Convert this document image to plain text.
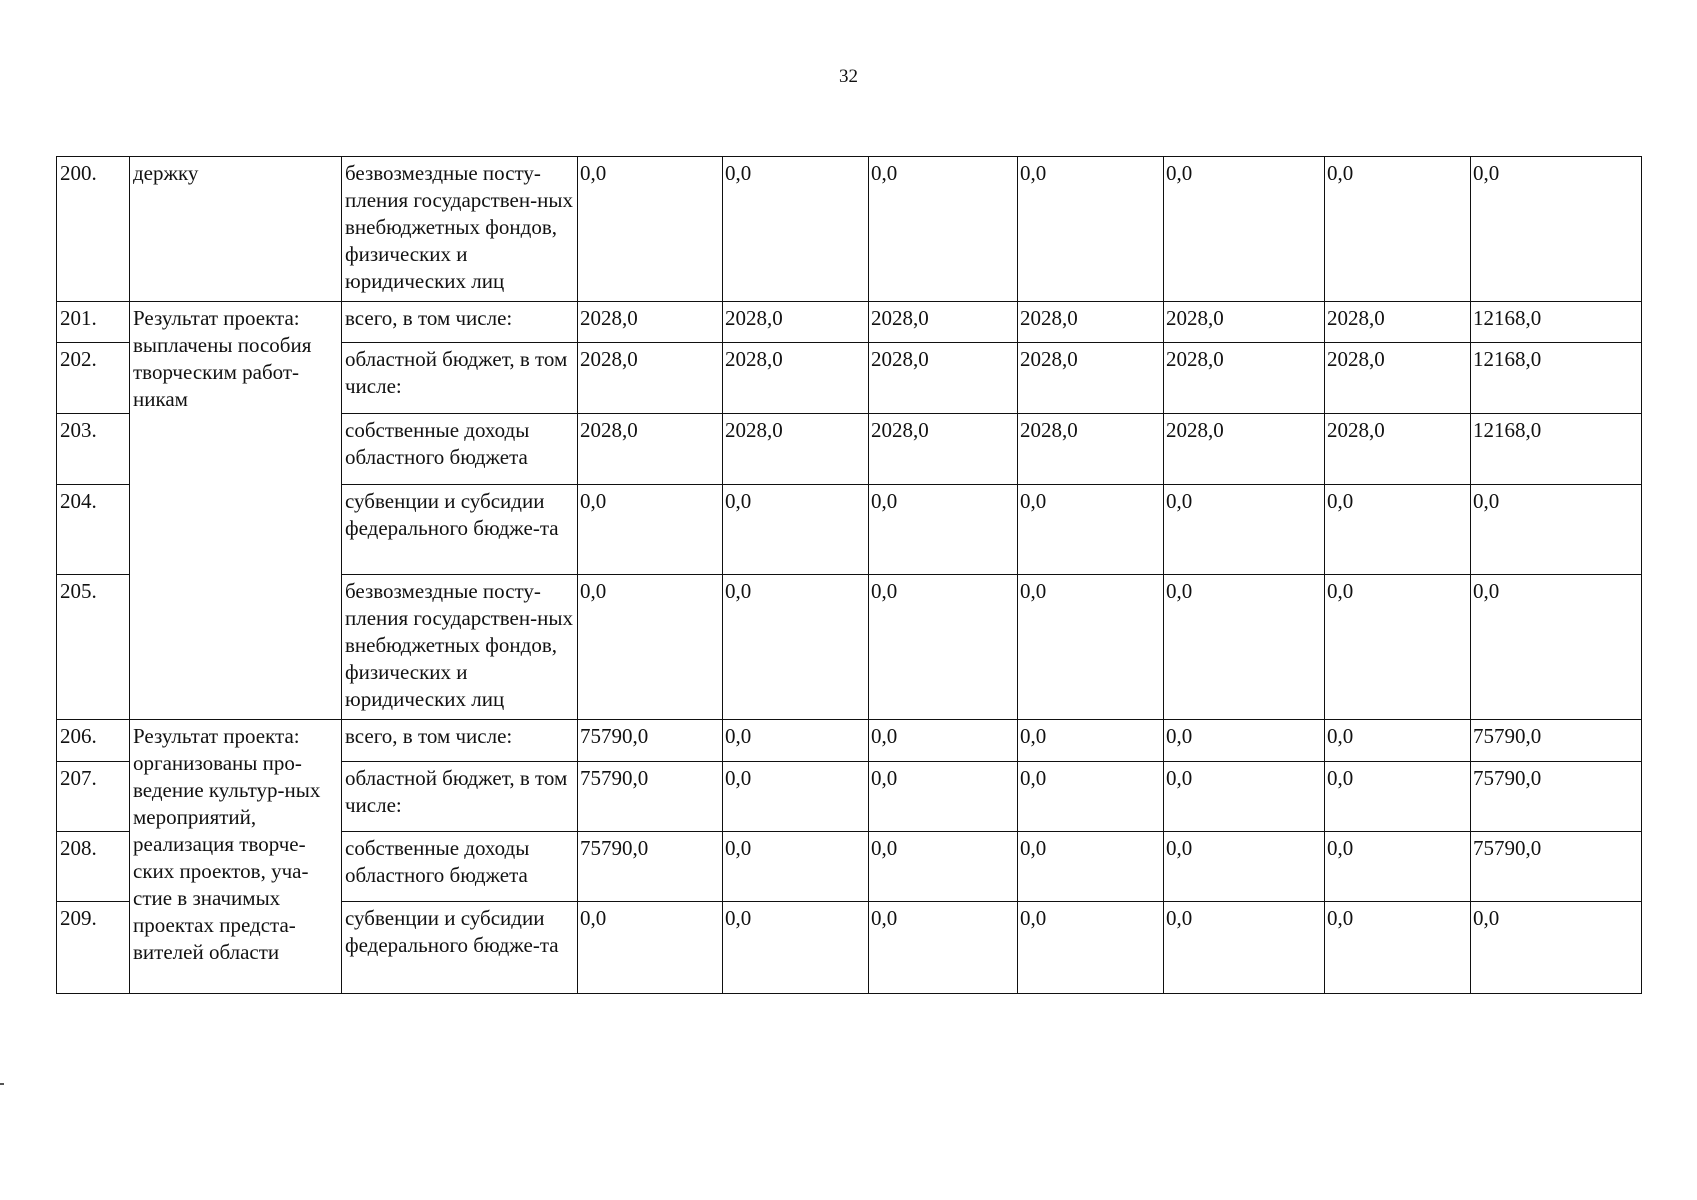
32
200.	держку	безвозмездные посту-пления государствен-ных внебюджетных фондов, физических и юридических лиц	0,0	0,0	0,0	0,0	0,0	0,0	0,0
201.	Результат проекта: выплачены пособия творческим работ-никам	всего, в том числе:	2028,0	2028,0	2028,0	2028,0	2028,0	2028,0	12168,0
202.		областной бюджет, в том числе:	2028,0	2028,0	2028,0	2028,0	2028,0	2028,0	12168,0
203.		собственные доходы областного бюджета	2028,0	2028,0	2028,0	2028,0	2028,0	2028,0	12168,0
204.		субвенции и субсидии федерального бюдже-та	0,0	0,0	0,0	0,0	0,0	0,0	0,0
205.		безвозмездные посту-пления государствен-ных внебюджетных фондов, физических и юридических лиц	0,0	0,0	0,0	0,0	0,0	0,0	0,0
206.	Результат проекта: организованы про-ведение культур-ных мероприятий, реализация творче-ских проектов, уча-стие в значимых проектах предста-вителей области	всего, в том числе:	75790,0	0,0	0,0	0,0	0,0	0,0	75790,0
207.		областной бюджет, в том числе:	75790,0	0,0	0,0	0,0	0,0	0,0	75790,0
208.		собственные доходы областного бюджета	75790,0	0,0	0,0	0,0	0,0	0,0	75790,0
209.		субвенции и субсидии федерального бюдже-та	0,0	0,0	0,0	0,0	0,0	0,0	0,0
